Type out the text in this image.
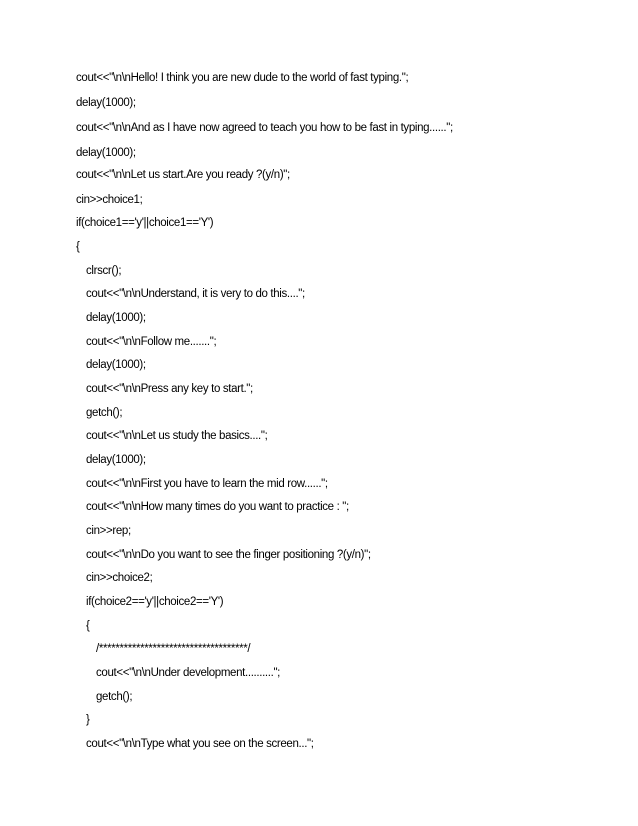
cout<<"\n\nHello! I think you are new dude to the world of fast typing.";
delay(1000);
cout<<"\n\nAnd as I have now agreed to teach you how to be fast in typing......";
delay(1000);
cout<<"\n\nLet us start.Are you ready ?(y/n)";
cin>>choice1;
if(choice1=='y'||choice1=='Y')
{
clrscr();
cout<<"\n\nUnderstand, it is very to do this....";
delay(1000);
cout<<"\n\nFollow me.......";
delay(1000);
cout<<"\n\nPress any key to start.";
getch();
cout<<"\n\nLet us study the basics....";
delay(1000);
cout<<"\n\nFirst you have to learn the mid row......";
cout<<"\n\nHow many times do you want to practice : ";
cin>>rep;
cout<<"\n\nDo you want to see the finger positioning ?(y/n)";
cin>>choice2;
if(choice2=='y'||choice2=='Y')
{
/************************************/
cout<<"\n\nUnder development..........";
getch();
}
cout<<"\n\nType what you see on the screen...";
